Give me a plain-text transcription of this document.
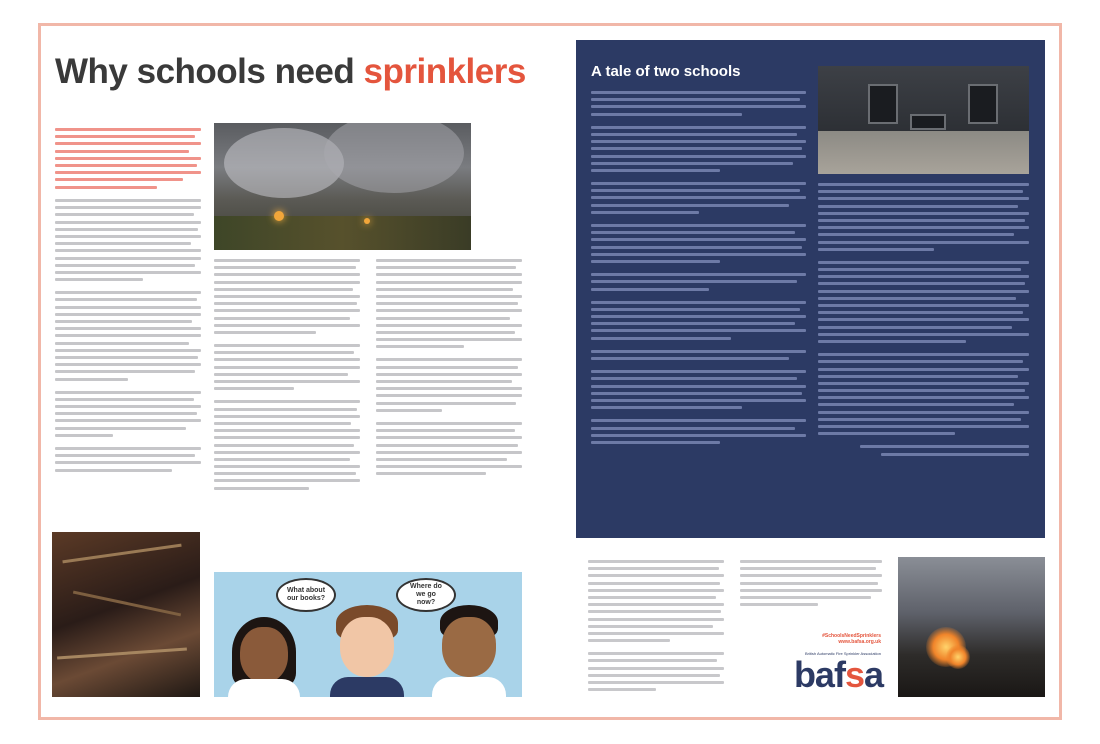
Why schools need sprinklers
What about our books?
Where do we go now?
A tale of two schools
#SchoolsNeedSprinklers
www.bafsa.org.uk
British Automatic Fire Sprinkler Association
bafsa
